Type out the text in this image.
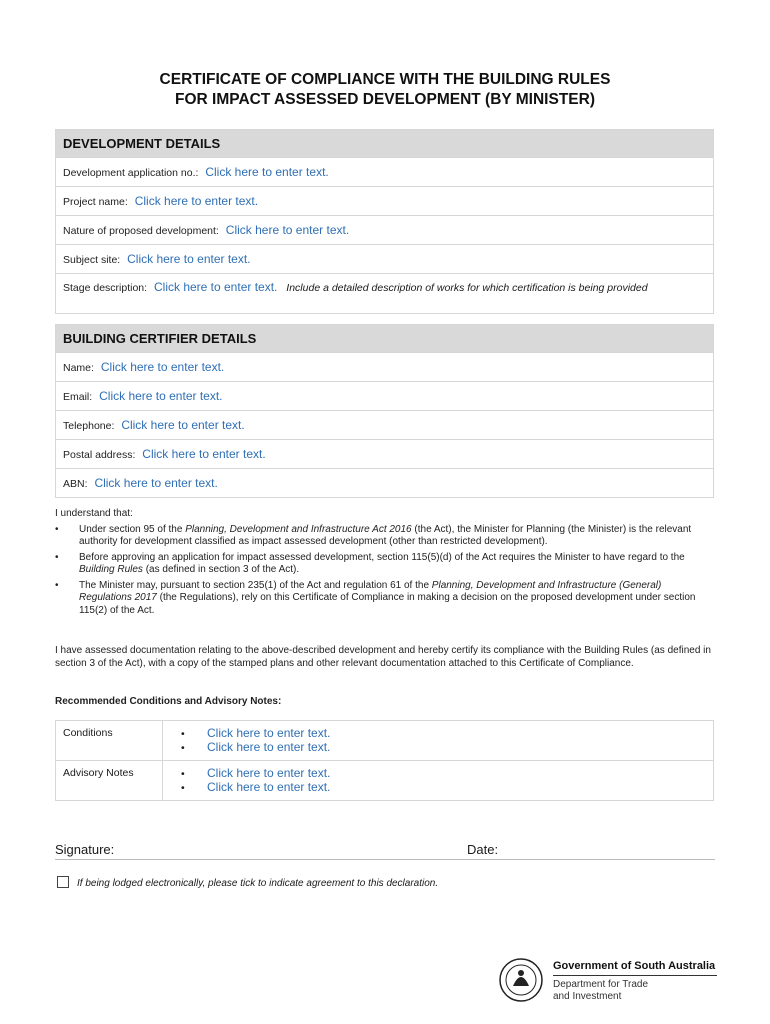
CERTIFICATE OF COMPLIANCE WITH THE BUILDING RULES
FOR IMPACT ASSESSED DEVELOPMENT (BY MINISTER)
DEVELOPMENT DETAILS
Development application no.: Click here to enter text.
Project name: Click here to enter text.
Nature of proposed development: Click here to enter text.
Subject site: Click here to enter text.
Stage description: Click here to enter text. Include a detailed description of works for which certification is being provided
BUILDING CERTIFIER DETAILS
Name: Click here to enter text.
Email: Click here to enter text.
Telephone: Click here to enter text.
Postal address: Click here to enter text.
ABN: Click here to enter text.
I understand that:
• Under section 95 of the Planning, Development and Infrastructure Act 2016 (the Act), the Minister for Planning (the Minister) is the relevant authority for development classified as impact assessed development (other than restricted development).
• Before approving an application for impact assessed development, section 115(5)(d) of the Act requires the Minister to have regard to the Building Rules (as defined in section 3 of the Act).
• The Minister may, pursuant to section 235(1) of the Act and regulation 61 of the Planning, Development and Infrastructure (General) Regulations 2017 (the Regulations), rely on this Certificate of Compliance in making a decision on the proposed development under section 115(2) of the Act.
I have assessed documentation relating to the above-described development and hereby certify its compliance with the Building Rules (as defined in section 3 of the Act), with a copy of the stamped plans and other relevant documentation attached to this Certificate of Compliance.
Recommended Conditions and Advisory Notes:
Conditions	• Click here to enter text.
• Click here to enter text.
Advisory Notes	• Click here to enter text.
• Click here to enter text.
Signature:	Date:
If being lodged electronically, please tick to indicate agreement to this declaration.
Government of South Australia
Department for Trade
and Investment
